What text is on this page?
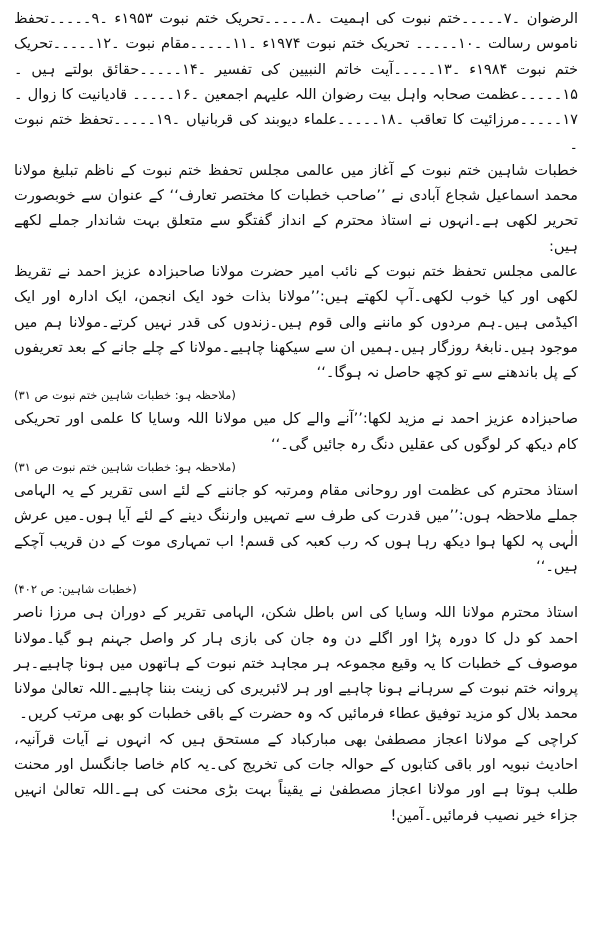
الرضوان ۔۷۔۔۔۔۔ختم نبوت کی اہمیت ۔۸۔۔۔۔۔تحریک ختم نبوت ۱۹۵۳ء ۔۹۔۔۔۔۔تحفظ ناموس رسالت ۔۱۰۔۔۔۔۔ تحریک ختم نبوت ۱۹۷۴ء ۔۱۱۔۔۔۔۔مقام نبوت ۔۱۲۔۔۔۔۔تحریک ختم نبوت ۱۹۸۴ء ۔۱۳۔۔۔۔۔آیت خاتم النبیین کی تفسیر ۔۱۴۔۔۔۔۔حقائق بولتے ہیں ۔۱۵۔۔۔۔۔عظمت صحابہ واہل بیت رضوان اللہ علیہم اجمعین ۔۱۶۔۔۔۔۔ قادیانیت کا زوال ۔۱۷۔۔۔۔۔مرزائیت کا تعاقب ۔۱۸۔۔۔۔۔علماء دیوبند کی قربانیاں ۔۱۹۔۔۔۔۔تحفظ ختم نبوت ۔

خطبات شاہین ختم نبوت کے آغاز میں عالمی مجلس تحفظ ختم نبوت کے ناظم تبلیغ مولانا محمد اسماعیل شجاع آبادی نے ’’صاحب خطبات کا مختصر تعارف‘‘ کے عنوان سے خوبصورت تحریر لکھی ہے۔انہوں نے استاذ محترم کے انداز گفتگو سے متعلق بہت شاندار جملے لکھے ہیں:

عالمی مجلس تحفظ ختم نبوت کے نائب امیر حضرت مولانا صاحبزادہ عزیز احمد نے تقریظ لکھی اور کیا خوب لکھی۔آپ لکھتے ہیں:’’مولانا بذات خود ایک انجمن، ایک ادارہ اور ایک اکیڈمی ہیں۔ہم مردوں کو ماننے والی قوم ہیں۔زندوں کی قدر نہیں کرتے۔مولانا ہم میں موجود ہیں۔نابغۂ روزگار ہیں۔ہمیں ان سے سیکھنا چاہیے۔مولانا کے چلے جانے کے بعد تعریفوں کے پل باندھنے سے تو کچھ حاصل نہ ہوگا۔‘‘

(ملاحظہ ہو: خطبات شاہین ختم نبوت ص ۳۱)

صاحبزادہ عزیز احمد نے مزید لکھا:’’آنے والے کل میں مولانا اللہ وسایا کا علمی اور تحریکی کام دیکھ کر لوگوں کی عقلیں دنگ رہ جائیں گی۔‘‘

(ملاحظہ ہو: خطبات شاہین ختم نبوت ص ۳۱)

استاذ محترم کی عظمت اور روحانی مقام ومرتبہ کو جاننے کے لئے اسی تقریر کے یہ الہامی جملے ملاحظہ ہوں:’’میں قدرت کی طرف سے تمہیں وارننگ دینے کے لئے آیا ہوں۔میں عرش الٰہی پہ لکھا ہوا دیکھ رہا ہوں کہ رب کعبہ کی قسم! اب تمہاری موت کے دن قریب آچکے ہیں۔‘‘

(خطبات شاہین: ص ۴۰۲)

استاذ محترم مولانا اللہ وسایا کی اس باطل شکن، الہامی تقریر کے دوران ہی مرزا ناصر احمد کو دل کا دورہ پڑا اور اگلے دن وہ جان کی بازی ہار کر واصل جہنم ہو گیا۔مولانا موصوف کے خطبات کا یہ وقیع مجموعہ ہر مجاہد ختم نبوت کے ہاتھوں میں ہونا چاہیے۔ہر پروانہ ختم نبوت کے سرہانے ہونا چاہیے اور ہر لائبریری کی زینت بننا چاہیے۔اللہ تعالیٰ مولانا محمد بلال کو مزید توفیق عطاء فرمائیں کہ وہ حضرت کے باقی خطبات کو بھی مرتب کریں۔

کراچی کے مولانا اعجاز مصطفیٰ بھی مبارکباد کے مستحق ہیں کہ انہوں نے آیات قرآنیہ، احادیث نبویہ اور باقی کتابوں کے حوالہ جات کی تخریج کی۔یہ کام خاصا جانگسل اور محنت طلب ہوتا ہے اور مولانا اعجاز مصطفیٰ نے یقیناً بہت بڑی محنت کی ہے۔اللہ تعالیٰ انہیں جزاء خیر نصیب فرمائیں۔آمین!
